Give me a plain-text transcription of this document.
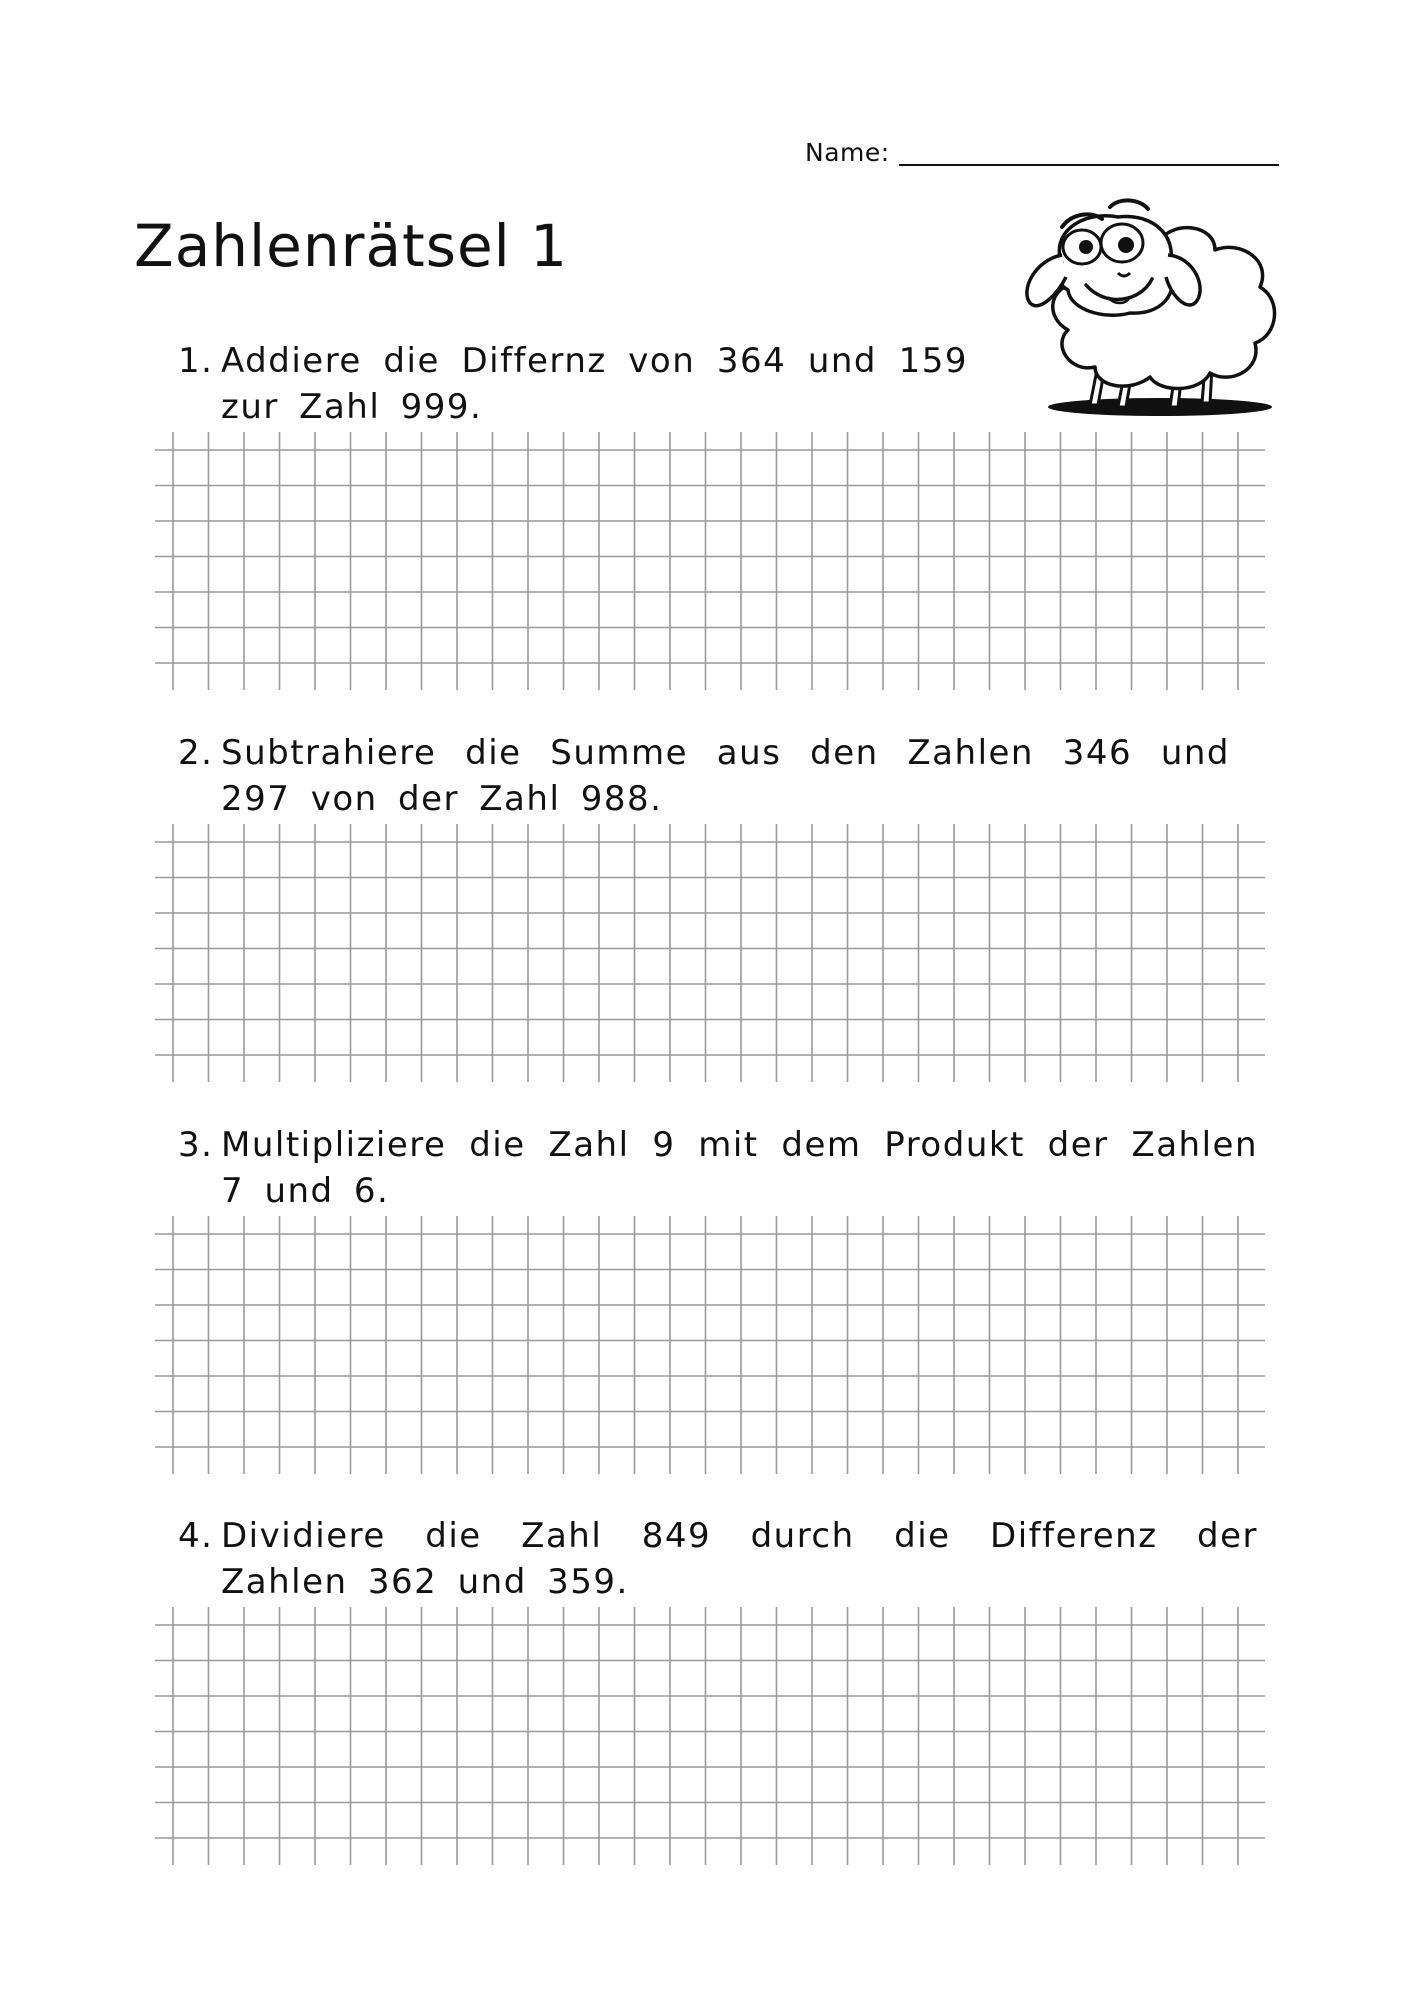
Name:
Zahlenrätsel 1
1. Addiere die Differnz von 364 und 159 zur Zahl 999.
2. Subtrahiere die Summe aus den Zahlen 346 und 297 von der Zahl 988.
3. Multipliziere die Zahl 9 mit dem Produkt der Zahlen 7 und 6.
4. Dividiere die Zahl 849 durch die Differenz der Zahlen 362 und 359.
